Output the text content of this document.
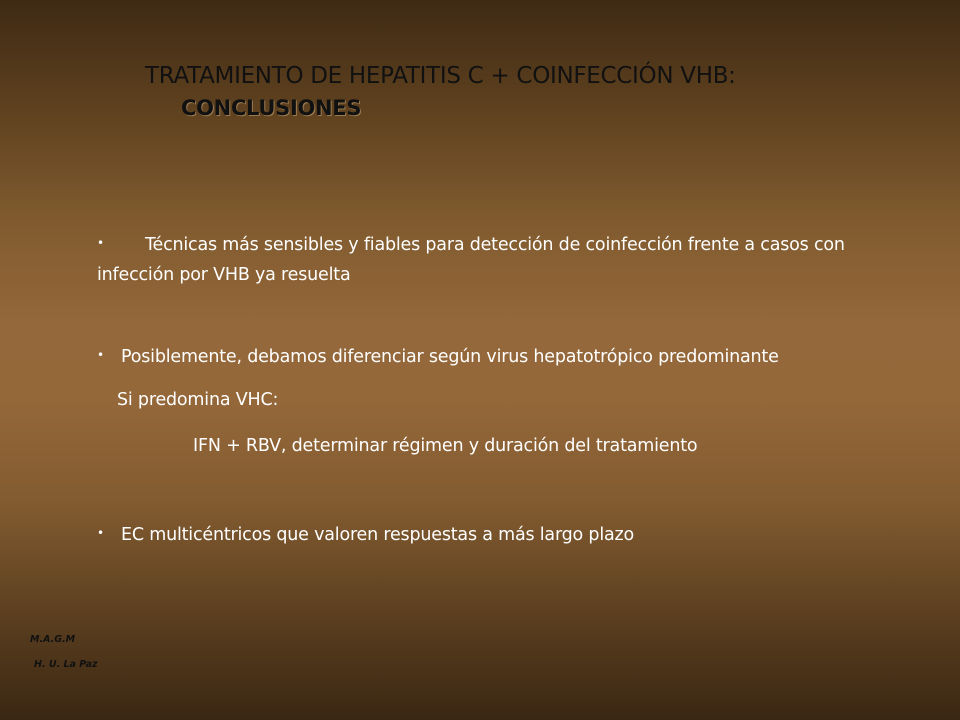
TRATAMIENTO DE HEPATITIS C + COINFECCIÓN VHB:
CONCLUSIONES
• Técnicas más sensibles y fiables para detección de coinfección frente a casos con infección por VHB ya resuelta
• Posiblemente, debamos diferenciar según virus hepatotrópico predominante
Si predomina VHC:
IFN + RBV, determinar régimen y duración del tratamiento
• EC multicéntricos que valoren respuestas a más largo plazo
M.A.G.M
H. U. La Paz
